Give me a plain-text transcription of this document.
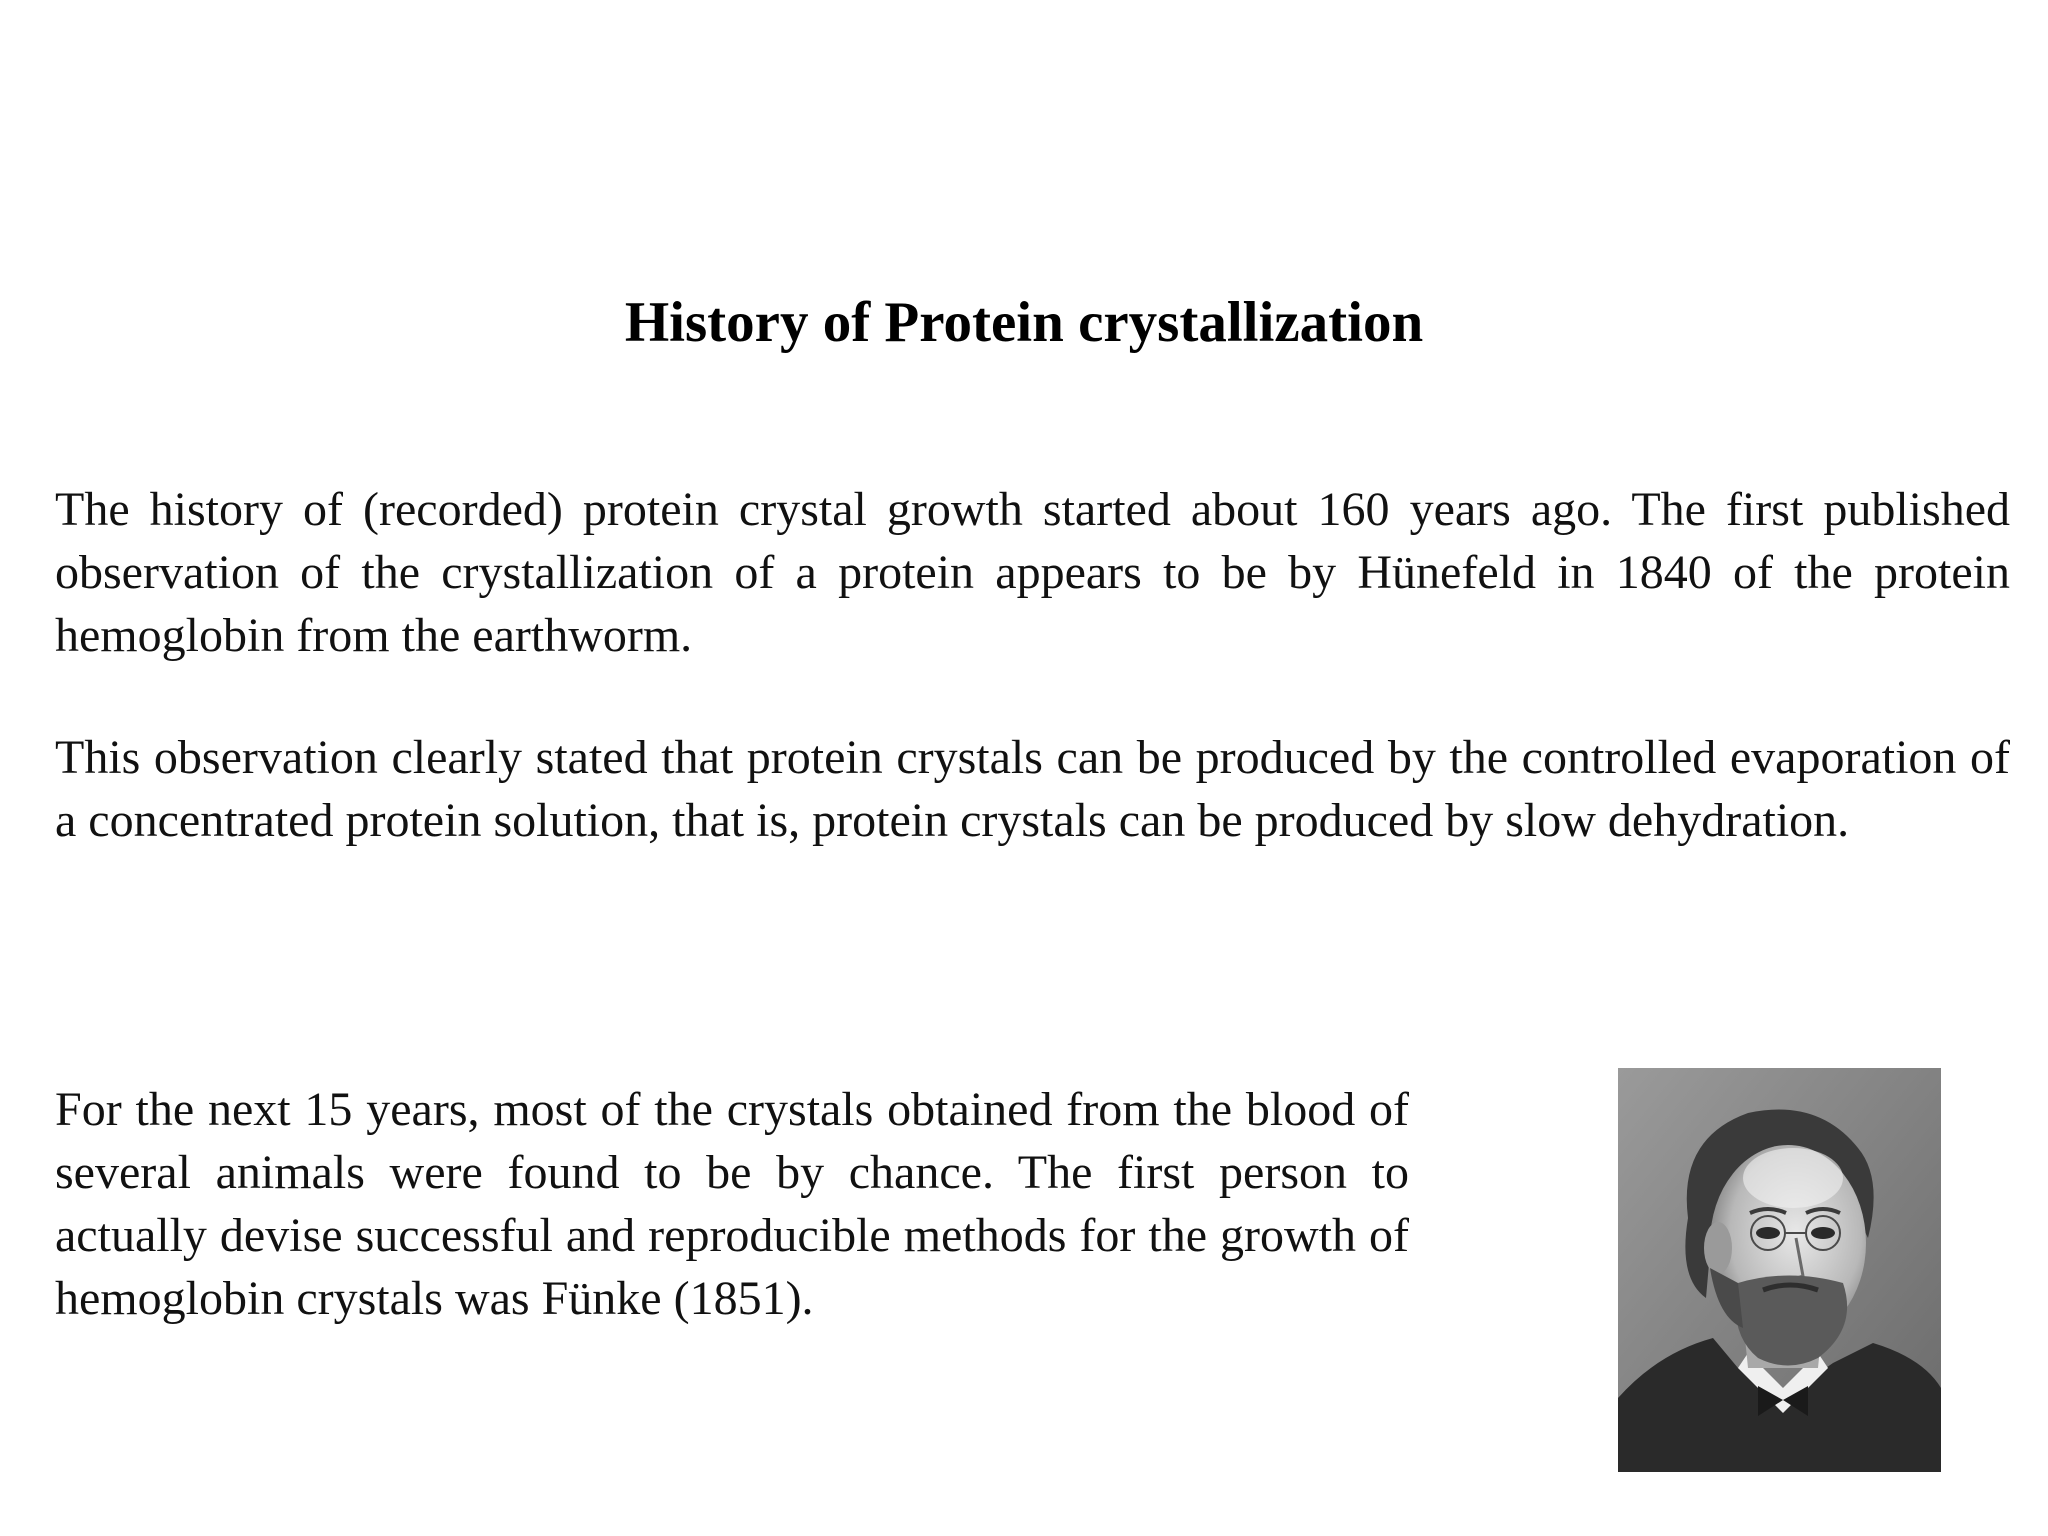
History of Protein crystallization

The history of (recorded) protein crystal growth started about 160 years ago. The first published observation of the crystallization of a protein appears to be by Hünefeld in 1840 of the protein hemoglobin from the earthworm.

This observation clearly stated that protein crystals can be produced by the controlled evaporation of a concentrated protein solution, that is, protein crystals can be produced by slow dehydration.

For the next 15 years, most of the crystals obtained from the blood of several animals were found to be by chance. The first person to actually devise successful and reproducible methods for the growth of hemoglobin crystals was Fünke (1851).
